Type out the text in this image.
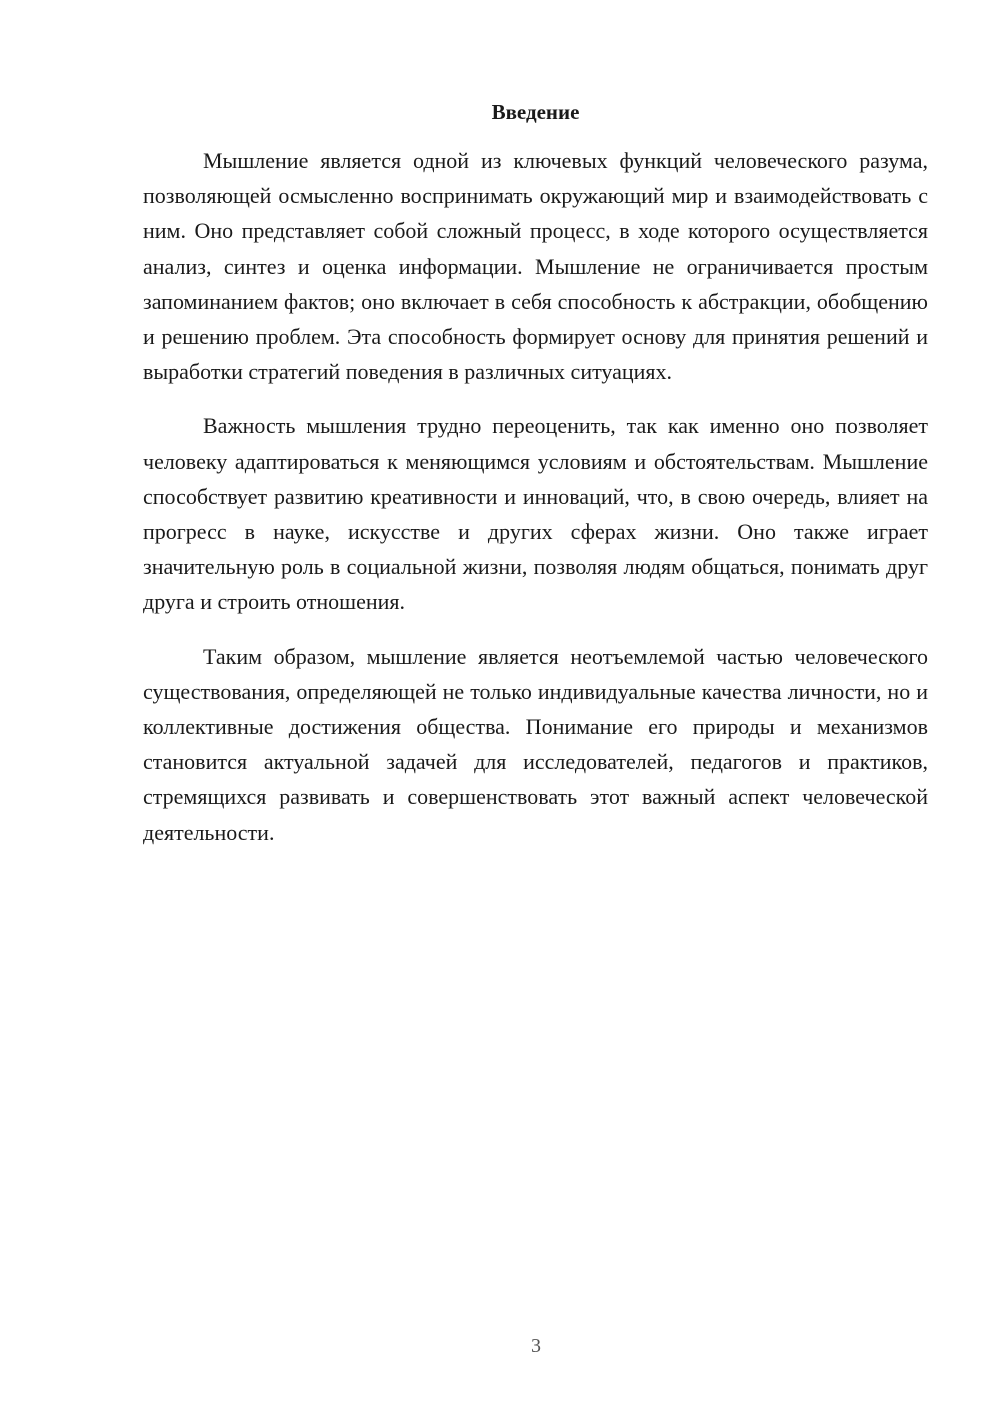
Введение

Мышление является одной из ключевых функций человеческого разума, позволяющей осмысленно воспринимать окружающий мир и взаимодействовать с ним. Оно представляет собой сложный процесс, в ходе которого осуществляется анализ, синтез и оценка информации. Мышление не ограничивается простым запоминанием фактов; оно включает в себя способность к абстракции, обобщению и решению проблем. Эта способность формирует основу для принятия решений и выработки стратегий поведения в различных ситуациях.

Важность мышления трудно переоценить, так как именно оно позволяет человеку адаптироваться к меняющимся условиям и обстоятельствам. Мышление способствует развитию креативности и инноваций, что, в свою очередь, влияет на прогресс в науке, искусстве и других сферах жизни. Оно также играет значительную роль в социальной жизни, позволяя людям общаться, понимать друг друга и строить отношения.

Таким образом, мышление является неотъемлемой частью человеческого существования, определяющей не только индивидуальные качества личности, но и коллективные достижения общества. Понимание его природы и механизмов становится актуальной задачей для исследователей, педагогов и практиков, стремящихся развивать и совершенствовать этот важный аспект человеческой деятельности.

3
